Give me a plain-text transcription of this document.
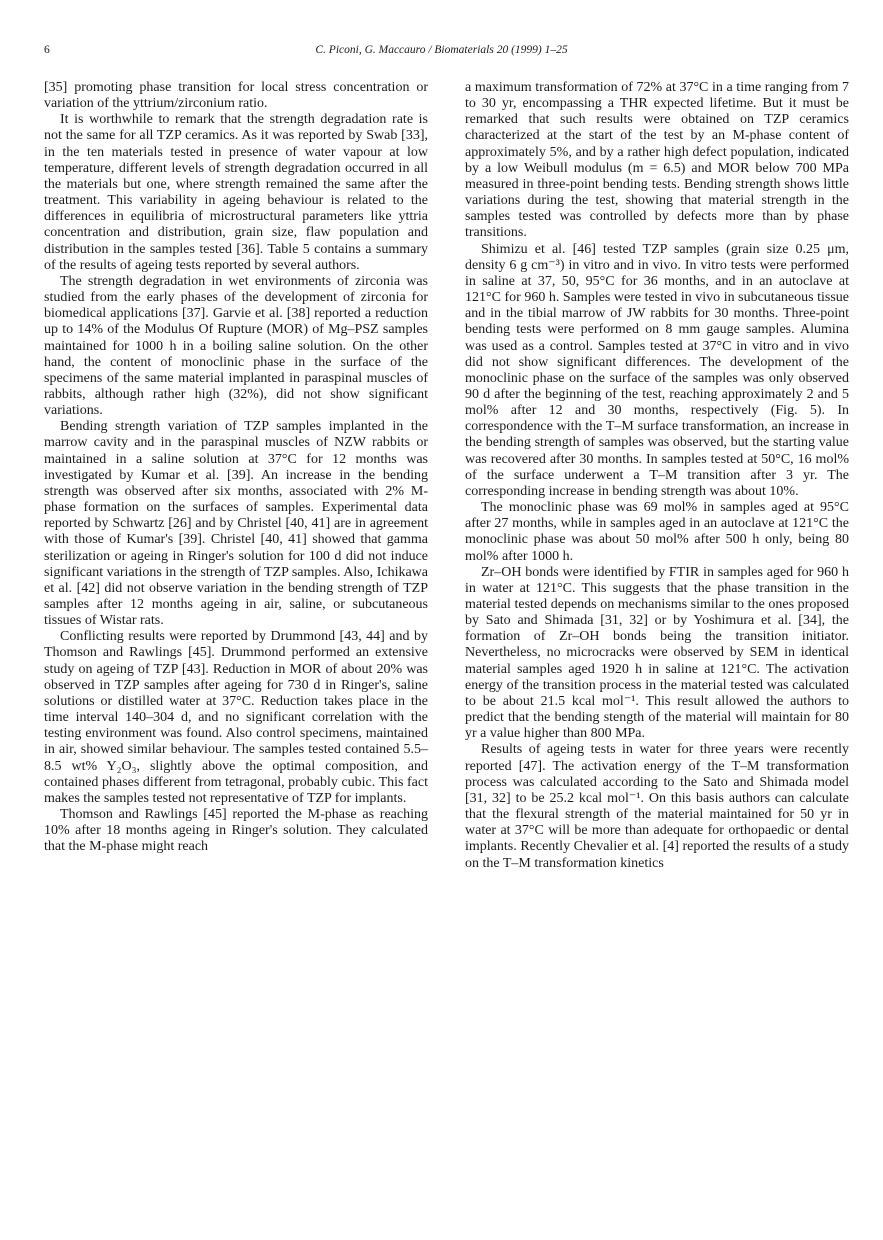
6	C. Piconi, G. Maccauro / Biomaterials 20 (1999) 1–25

[35] promoting phase transition for local stress concentration or variation of the yttrium/zirconium ratio.

It is worthwhile to remark that the strength degradation rate is not the same for all TZP ceramics. As it was reported by Swab [33], in the ten materials tested in presence of water vapour at low temperature, different levels of strength degradation occurred in all the materials but one, where strength remained the same after the treatment. This variability in ageing behaviour is related to the differences in equilibria of microstructural parameters like yttria concentration and distribution, grain size, flaw population and distribution in the samples tested [36]. Table 5 contains a summary of the results of ageing tests reported by several authors.

The strength degradation in wet environments of zirconia was studied from the early phases of the development of zirconia for biomedical applications [37]. Garvie et al. [38] reported a reduction up to 14% of the Modulus Of Rupture (MOR) of Mg–PSZ samples maintained for 1000 h in a boiling saline solution. On the other hand, the content of monoclinic phase in the surface of the specimens of the same material implanted in paraspinal muscles of rabbits, although rather high (32%), did not show significant variations.

Bending strength variation of TZP samples implanted in the marrow cavity and in the paraspinal muscles of NZW rabbits or maintained in a saline solution at 37°C for 12 months was investigated by Kumar et al. [39]. An increase in the bending strength was observed after six months, associated with 2% M-phase formation on the surfaces of samples. Experimental data reported by Schwartz [26] and by Christel [40, 41] are in agreement with those of Kumar's [39]. Christel [40, 41] showed that gamma sterilization or ageing in Ringer's solution for 100 d did not induce significant variations in the strength of TZP samples. Also, Ichikawa et al. [42] did not observe variation in the bending strength of TZP samples after 12 months ageing in air, saline, or subcutaneous tissues of Wistar rats.

Conflicting results were reported by Drummond [43, 44] and by Thomson and Rawlings [45]. Drummond performed an extensive study on ageing of TZP [43]. Reduction in MOR of about 20% was observed in TZP samples after ageing for 730 d in Ringer's, saline solutions or distilled water at 37°C. Reduction takes place in the time interval 140–304 d, and no significant correlation with the testing environment was found. Also control specimens, maintained in air, showed similar behaviour. The samples tested contained 5.5–8.5 wt% Y₂O₃, slightly above the optimal composition, and contained phases different from tetragonal, probably cubic. This fact makes the samples tested not representative of TZP for implants.

Thomson and Rawlings [45] reported the M-phase as reaching 10% after 18 months ageing in Ringer's solution. They calculated that the M-phase might reach

a maximum transformation of 72% at 37°C in a time ranging from 7 to 30 yr, encompassing a THR expected lifetime. But it must be remarked that such results were obtained on TZP ceramics characterized at the start of the test by an M-phase content of approximately 5%, and by a rather high defect population, indicated by a low Weibull modulus (m = 6.5) and MOR below 700 MPa measured in three-point bending tests. Bending strength shows little variations during the test, showing that material strength in the samples tested was controlled by defects more than by phase transitions.

Shimizu et al. [46] tested TZP samples (grain size 0.25 μm, density 6 g cm⁻³) in vitro and in vivo. In vitro tests were performed in saline at 37, 50, 95°C for 36 months, and in an autoclave at 121°C for 960 h. Samples were tested in vivo in subcutaneous tissue and in the tibial marrow of JW rabbits for 30 months. Three-point bending tests were performed on 8 mm gauge samples. Alumina was used as a control. Samples tested at 37°C in vitro and in vivo did not show significant differences. The development of the monoclinic phase on the surface of the samples was only observed 90 d after the beginning of the test, reaching approximately 2 and 5 mol% after 12 and 30 months, respectively (Fig. 5). In correspondence with the T–M surface transformation, an increase in the bending strength of samples was observed, but the starting value was recovered after 30 months. In samples tested at 50°C, 16 mol% of the surface underwent a T–M transition after 3 yr. The corresponding increase in bending strength was about 10%.

The monoclinic phase was 69 mol% in samples aged at 95°C after 27 months, while in samples aged in an autoclave at 121°C the monoclinic phase was about 50 mol% after 500 h only, being 80 mol% after 1000 h.

Zr–OH bonds were identified by FTIR in samples aged for 960 h in water at 121°C. This suggests that the phase transition in the material tested depends on mechanisms similar to the ones proposed by Sato and Shimada [31, 32] or by Yoshimura et al. [34], the formation of Zr–OH bonds being the transition initiator. Nevertheless, no microcracks were observed by SEM in identical material samples aged 1920 h in saline at 121°C. The activation energy of the transition process in the material tested was calculated to be about 21.5 kcal mol⁻¹. This result allowed the authors to predict that the bending stength of the material will maintain for 80 yr a value higher than 800 MPa.

Results of ageing tests in water for three years were recently reported [47]. The activation energy of the T–M transformation process was calculated according to the Sato and Shimada model [31, 32] to be 25.2 kcal mol⁻¹. On this basis authors can calculate that the flexural strength of the material maintained for 50 yr in water at 37°C will be more than adequate for orthopaedic or dental implants. Recently Chevalier et al. [4] reported the results of a study on the T–M transformation kinetics
